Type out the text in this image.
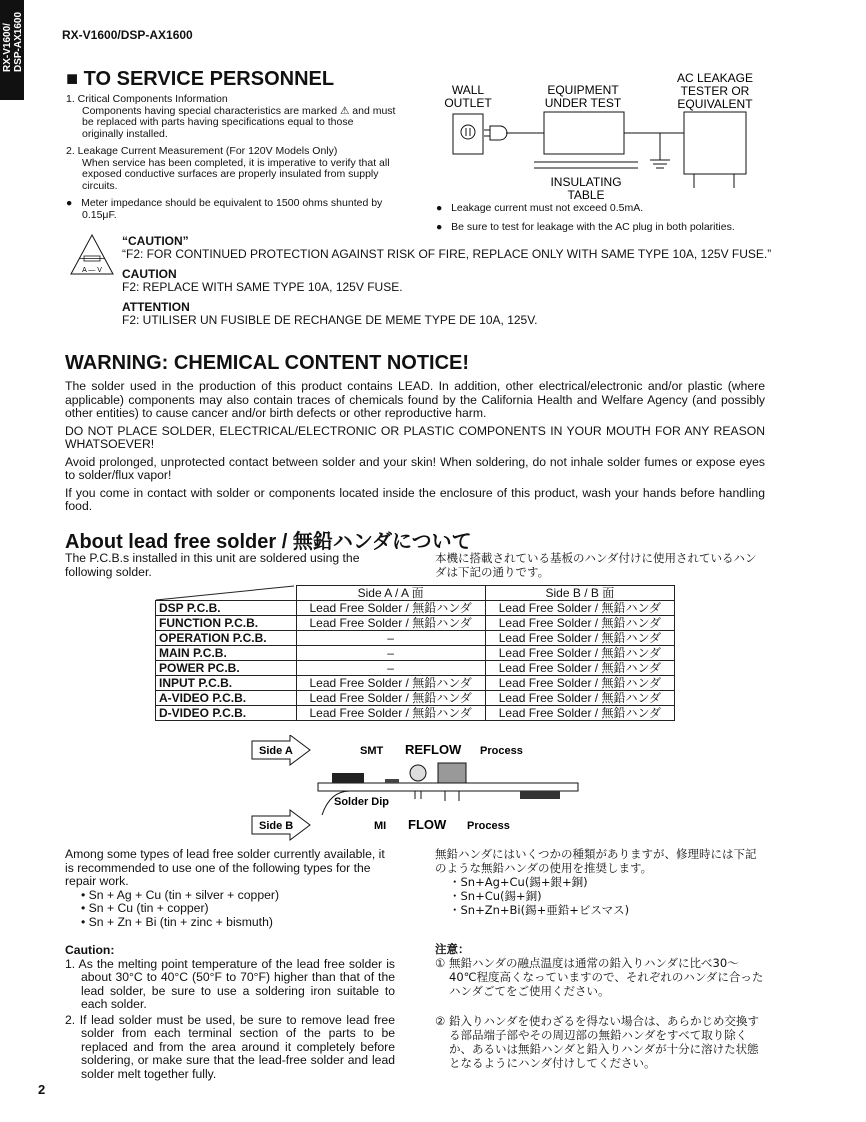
RX-V1600/
DSP-AX1600	RX-V1600/DSP-AX1600
■ TO SERVICE PERSONNEL

1. Critical Components Information

Components having special characteristics are marked ⚠ and must be replaced with parts having specifications equal to those originally installed.

2. Leakage Current Measurement (For 120V Models Only)

When service has been completed, it is imperative to verify that all exposed conductive surfaces are properly insulated from supply circuits.

●   Meter impedance should be equivalent to 1500 ohms shunted by 0.15μF.

WALL OUTLET
EQUIPMENT UNDER TEST
AC LEAKAGE TESTER OR EQUIVALENT
INSULATING TABLE

●   Leakage current must not exceed 0.5mA.

●   Be sure to test for leakage with the AC plug in both polarities.

A — V
“CAUTION”
“F2: FOR CONTINUED PROTECTION AGAINST RISK OF FIRE, REPLACE ONLY WITH SAME TYPE 10A, 125V FUSE.”
CAUTION
F2: REPLACE WITH SAME TYPE 10A, 125V FUSE.
ATTENTION
F2: UTILISER UN FUSIBLE DE RECHANGE DE MEME TYPE DE 10A, 125V.
WARNING: CHEMICAL CONTENT NOTICE!

The solder used in the production of this product contains LEAD. In addition, other electrical/electronic and/or plastic (where applicable) components may also contain traces of chemicals found by the California Health and Welfare Agency (and possibly other entities) to cause cancer and/or birth defects or other reproductive harm.

DO NOT PLACE SOLDER, ELECTRICAL/ELECTRONIC OR PLASTIC COMPONENTS IN YOUR MOUTH FOR ANY REASON WHATSOEVER!

Avoid prolonged, unprotected contact between solder and your skin! When soldering, do not inhale solder fumes or expose eyes to solder/flux vapor!

If you come in contact with solder or components located inside the enclosure of this product, wash your hands before handling food.

About lead free solder / 無鉛ハンダについて
The P.C.B.s installed in this unit are soldered using the following solder.
本機に搭載されている基板のハンダ付けに使用されているハンダは下記の通りです。
	Side A / A 面	Side B / B 面
DSP P.C.B.	Lead Free Solder / 無鉛ハンダ	Lead Free Solder / 無鉛ハンダ
FUNCTION P.C.B.	Lead Free Solder / 無鉛ハンダ	Lead Free Solder / 無鉛ハンダ
OPERATION P.C.B.	–	Lead Free Solder / 無鉛ハンダ
MAIN P.C.B.	–	Lead Free Solder / 無鉛ハンダ
POWER PC.B.	–	Lead Free Solder / 無鉛ハンダ
INPUT P.C.B.	Lead Free Solder / 無鉛ハンダ	Lead Free Solder / 無鉛ハンダ
A-VIDEO P.C.B.	Lead Free Solder / 無鉛ハンダ	Lead Free Solder / 無鉛ハンダ
D-VIDEO P.C.B.	Lead Free Solder / 無鉛ハンダ	Lead Free Solder / 無鉛ハンダ
Side A	SMT REFLOW Process
Solder Dip
Side B	MI FLOW Process
Among some types of lead free solder currently available, it is recommended to use one of the following types for the repair work.
• Sn + Ag + Cu (tin + silver + copper)
• Sn + Cu (tin + copper)
• Sn + Zn + Bi (tin + zinc + bismuth)
無鉛ハンダにはいくつかの種類がありますが、修理時には下記のような無鉛ハンダの使用を推奨します。
・Sn+Ag+Cu(錫+銀+銅)
・Sn+Cu(錫+銅)
・Sn+Zn+Bi(錫+亜鉛+ビスマス)
Caution:
1. As the melting point temperature of the lead free solder is about 30°C to 40°C (50°F to 70°F) higher than that of the lead solder, be sure to use a soldering iron suitable to each solder.
2. If lead solder must be used, be sure to remove lead free solder from each terminal section of the parts to be replaced and from the area around it completely before soldering, or make sure that the lead-free solder and lead solder melt together fully.
注意：
① 無鉛ハンダの融点温度は通常の鉛入りハンダに比べ30〜40℃程度高くなっていますので、それぞれのハンダに合ったハンダごてをご使用ください。
② 鉛入りハンダを使わざるを得ない場合は、あらかじめ交換する部品端子部やその周辺部の無鉛ハンダをすべて取り除くか、あるいは無鉛ハンダと鉛入りハンダが十分に溶けた状態となるようにハンダ付けしてください。
2
